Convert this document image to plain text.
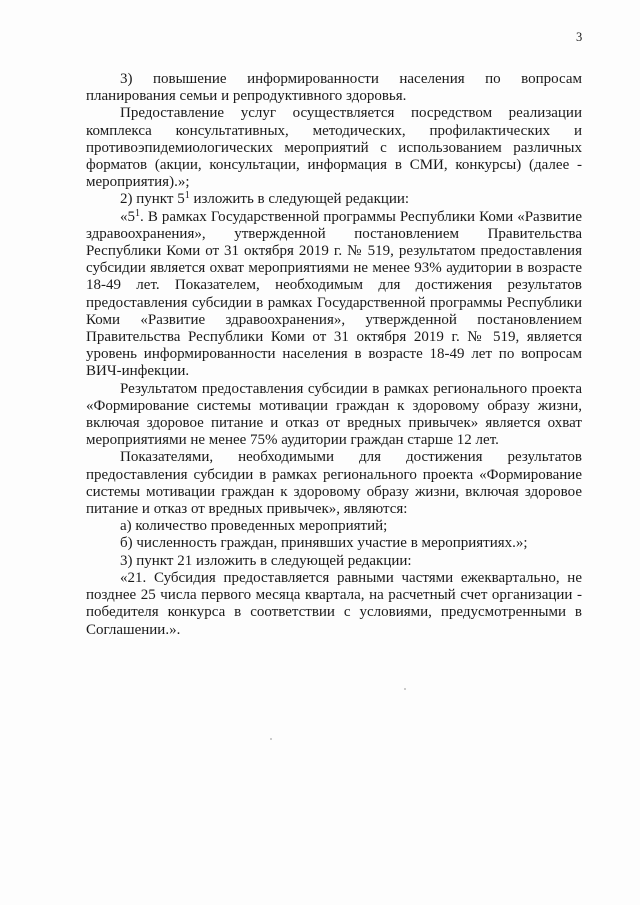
3

3) повышение информированности населения по вопросам планирования семьи и репродуктивного здоровья.

Предоставление услуг осуществляется посредством реализации комплекса консультативных, методических, профилактических и противоэпидемиологических мероприятий с использованием различных форматов (акции, консультации, информация в СМИ, конкурсы) (далее - мероприятия).»;

2) пункт $5^1$ изложить в следующей редакции:

«$5^1$. В рамках Государственной программы Республики Коми «Развитие здравоохранения», утвержденной постановлением Правительства Республики Коми от 31 октября 2019 г. № 519, результатом предоставления субсидии является охват мероприятиями не менее 93% аудитории в возрасте 18-49 лет. Показателем, необходимым для достижения результатов предоставления субсидии в рамках Государственной программы Республики Коми «Развитие здравоохранения», утвержденной постановлением Правительства Республики Коми от 31 октября 2019 г. № 519, является уровень информированности населения в возрасте 18-49 лет по вопросам ВИЧ-инфекции.

Результатом предоставления субсидии в рамках регионального проекта «Формирование системы мотивации граждан к здоровому образу жизни, включая здоровое питание и отказ от вредных привычек» является охват мероприятиями не менее 75% аудитории граждан старше 12 лет.

Показателями, необходимыми для достижения результатов предоставления субсидии в рамках регионального проекта «Формирование системы мотивации граждан к здоровому образу жизни, включая здоровое питание и отказ от вредных привычек», являются:

а) количество проведенных мероприятий;

б) численность граждан, принявших участие в мероприятиях.»;

3) пункт 21 изложить в следующей редакции:

«21. Субсидия предоставляется равными частями ежеквартально, не позднее 25 числа первого месяца квартала, на расчетный счет организации - победителя конкурса в соответствии с условиями, предусмотренными в Соглашении.».
